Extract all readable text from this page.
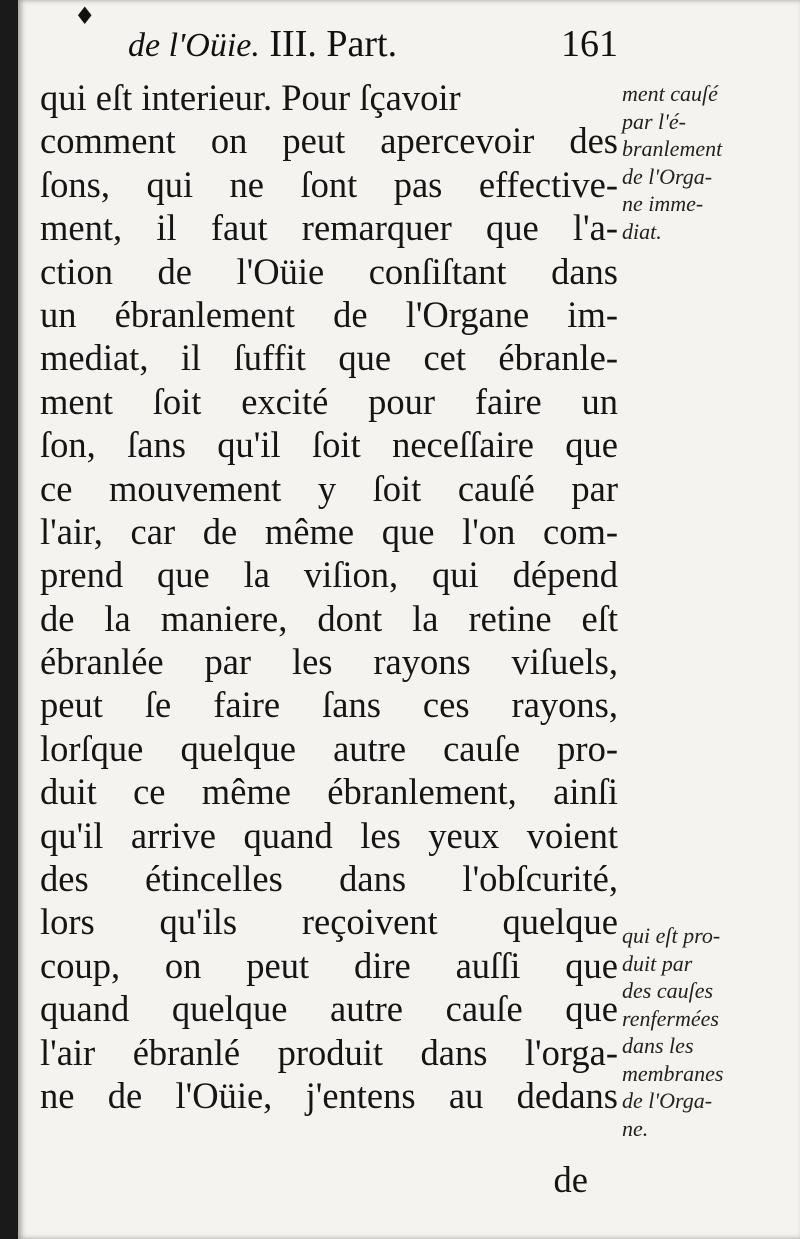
♦
de l'Oüie. III. Part.	161
qui eſt interieur. Pour ſçavoir
comment on peut apercevoir des
ſons, qui ne ſont pas effective-
ment, il faut remarquer que l'a-
ction de l'Oüie conſiſtant dans
un ébranlement de l'Organe im-
mediat, il ſuffit que cet ébranle-
ment ſoit excité pour faire un
ſon, ſans qu'il ſoit neceſſaire que
ce mouvement y ſoit cauſé par
l'air, car de même que l'on com-
prend que la viſion, qui dépend
de la maniere, dont la retine eſt
ébranlée par les rayons viſuels,
peut ſe faire ſans ces rayons,
lorſque quelque autre cauſe pro-
duit ce même ébranlement, ainſi
qu'il arrive quand les yeux voient
des étincelles dans l'obſcurité,
lors qu'ils reçoivent quelque
coup, on peut dire auſſi que
quand quelque autre cauſe que
l'air ébranlé produit dans l'orga-
ne de l'Oüie, j'entens au dedans
de
ment cauſé
par l'é-
branlement
de l'Orga-
ne imme-
diat.
qui eſt pro-
duit par
des cauſes
renfermées
dans les
membranes
de l'Orga-
ne.
